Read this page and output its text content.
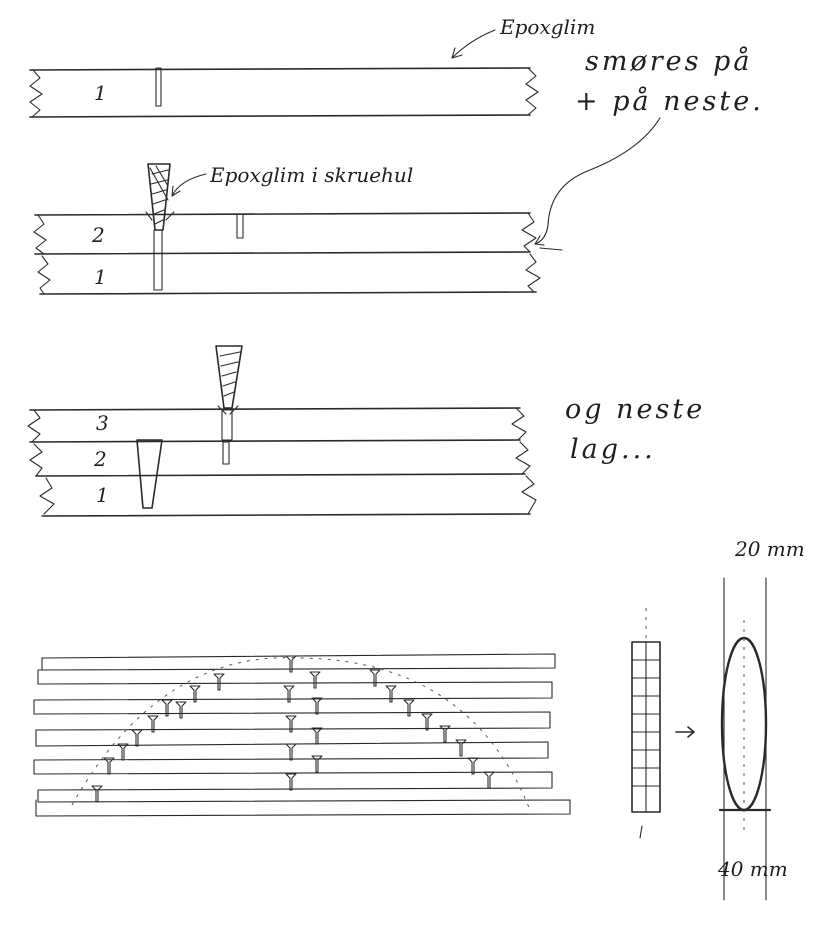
1
Epoxglim
smøres på
+ på neste.
2
1
Epoxglim i skruehul
3
2
1
og neste
lag...
20 mm
40 mm
